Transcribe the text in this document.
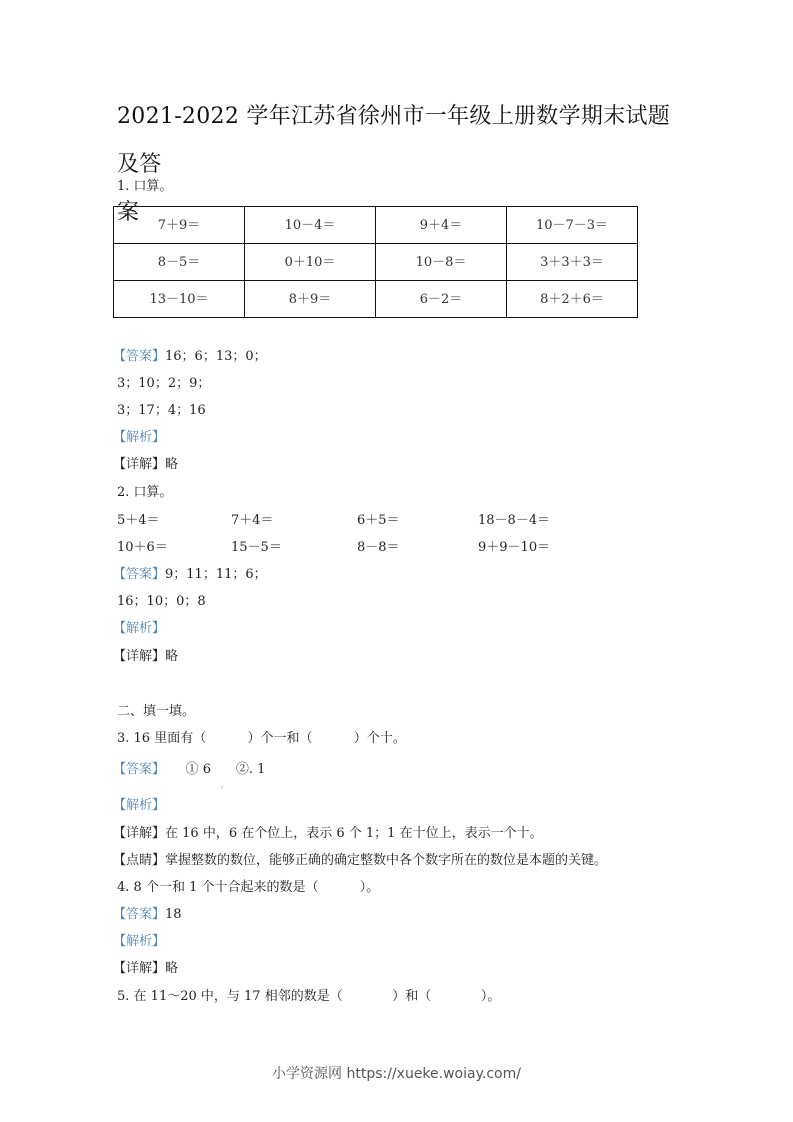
2021-2022 学年江苏省徐州市一年级上册数学期末试题及答
案
1. 口算。
7＋9＝	10－4＝	9＋4＝	10－7－3＝
8－5＝	0＋10＝	10－8＝	3＋3＋3＝
13－10＝	8＋9＝	6－2＝	8＋2＋6＝
【答案】16；6；13；0；
3；10；2；9；
3；17；4；16
【解析】
【详解】略
2. 口算。
5＋4＝	7＋4＝	6＋5＝	18－8－4＝
10＋6＝	15－5＝	8－8＝	9＋9－10＝
【答案】9；11；11；6；
16；10；0；8
【解析】
【详解】略
二、填一填。
3. 16 里面有（          ）个一和（          ）个十。
【答案】     ① 6      ②. 1
'
【解析】
【详解】在 16 中，6 在个位上，表示 6 个 1；1 在十位上，表示一个十。
【点睛】掌握整数的数位，能够正确的确定整数中各个数字所在的数位是本题的关键。
4. 8 个一和 1 个十合起来的数是（          ）。
【答案】18
【解析】
【详解】略
5. 在 11～20 中，与 17 相邻的数是（            ）和（            ）。
小学资源网 https://xueke.woiay.com/
